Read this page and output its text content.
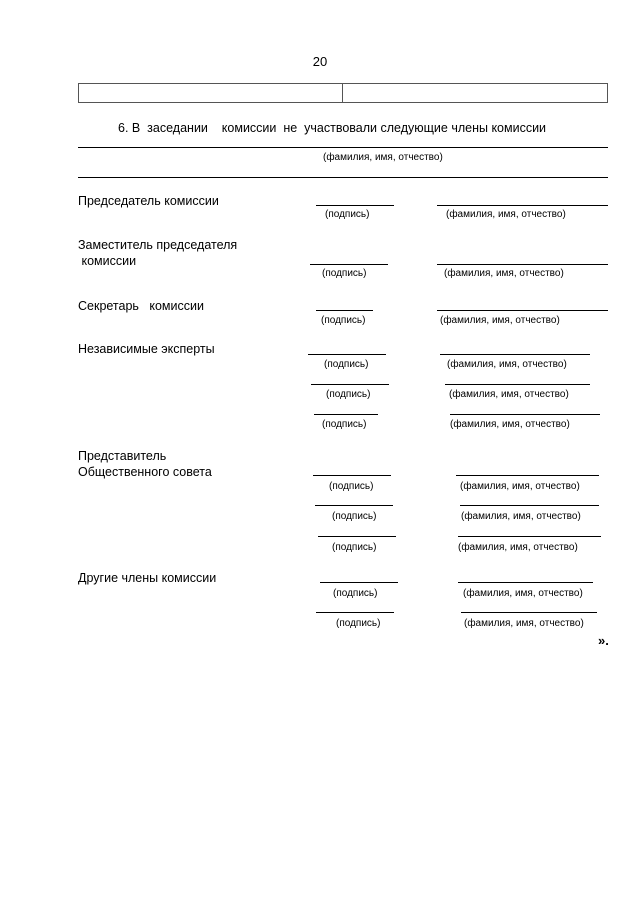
20
6. В  заседании    комиссии  не  участвовали следующие члены комиссии
(фамилия, имя, отчество)
Председатель комиссии
(подпись)	(фамилия, имя, отчество)
Заместитель председателя
комиссии
(подпись)	(фамилия, имя, отчество)
Секретарь   комиссии
(подпись)	(фамилия, имя, отчество)
Независимые эксперты
(подпись)	(фамилия, имя, отчество)
(подпись)	(фамилия, имя, отчество)
(подпись)	(фамилия, имя, отчество)
Представитель
Общественного совета
(подпись)	(фамилия, имя, отчество)
(подпись)	(фамилия, имя, отчество)
(подпись)	(фамилия, имя, отчество)
Другие члены комиссии
(подпись)	(фамилия, имя, отчество)
(подпись)	(фамилия, имя, отчество)
».
